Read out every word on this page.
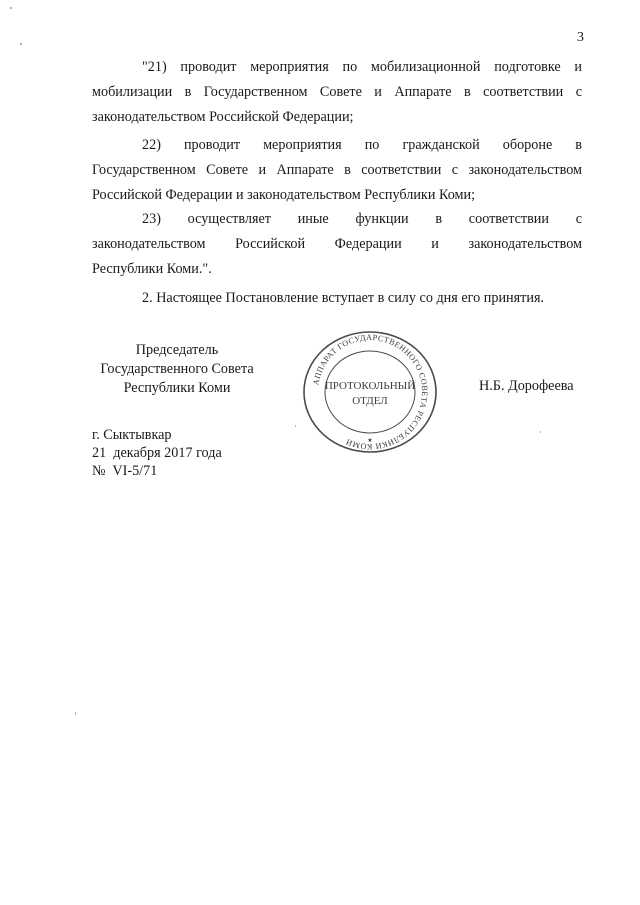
3
"21) проводит мероприятия по мобилизационной подготовке и
мобилизации в Государственном Совете и Аппарате в соответствии с
законодательством Российской Федерации;
22) проводит мероприятия по гражданской обороне в
Государственном Совете и Аппарате в соответствии с законодательством
Российской Федерации и законодательством Республики Коми;
23) осуществляет иные функции в соответствии с
законодательством Российской Федерации и законодательством
Республики Коми.".
2. Настоящее Постановление вступает в силу со дня его принятия.
Председатель
Государственного Совета
Республики Коми	АППАРАТ ГОСУДАРСТВЕННОГО СОВЕТА РЕСПУБЛИКИ КОМИ
ПРОТОКОЛЬНЫЙ
ОТДЕЛ
★
Н.Б. Дорофеева
г. Сыктывкар
21  декабря 2017 года
№  VI-5/71
